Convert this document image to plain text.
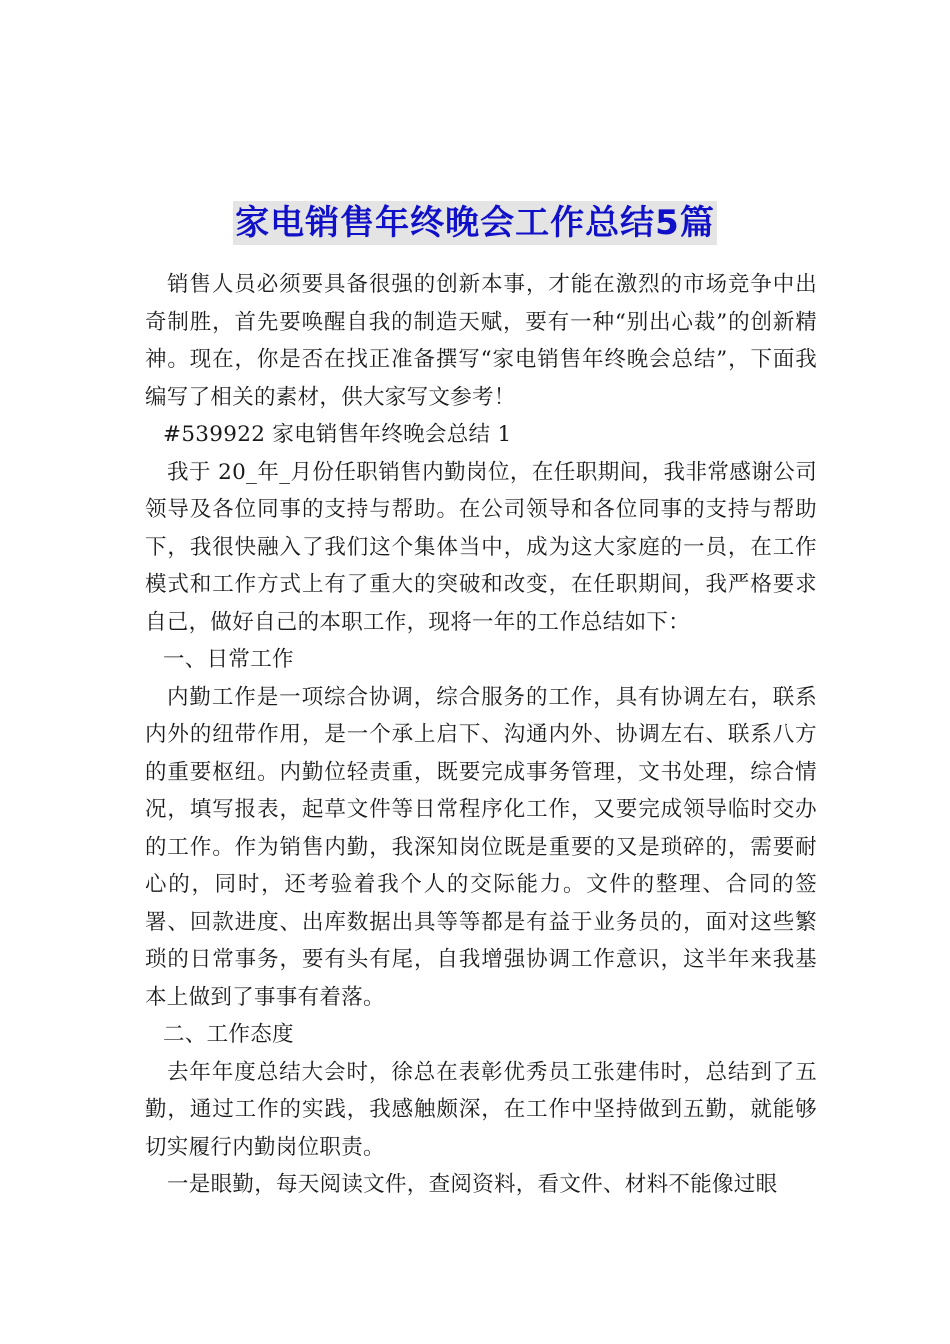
家电销售年终晚会工作总结5篇

销售人员必须要具备很强的创新本事，才能在激烈的市场竞争中出奇制胜，首先要唤醒自我的制造天赋，要有一种“别出心裁”的创新精神。现在，你是否在找正准备撰写“家电销售年终晚会总结”，下面我编写了相关的素材，供大家写文参考！

#539922 家电销售年终晚会总结 1

我于 20_年_月份任职销售内勤岗位，在任职期间，我非常感谢公司领导及各位同事的支持与帮助。在公司领导和各位同事的支持与帮助下，我很快融入了我们这个集体当中，成为这大家庭的一员，在工作模式和工作方式上有了重大的突破和改变，在任职期间，我严格要求自己，做好自己的本职工作，现将一年的工作总结如下：

一、日常工作

内勤工作是一项综合协调，综合服务的工作，具有协调左右，联系内外的纽带作用，是一个承上启下、沟通内外、协调左右、联系八方的重要枢纽。内勤位轻责重，既要完成事务管理，文书处理，综合情况，填写报表，起草文件等日常程序化工作，又要完成领导临时交办的工作。作为销售内勤，我深知岗位既是重要的又是琐碎的，需要耐心的，同时，还考验着我个人的交际能力。文件的整理、合同的签署、回款进度、出库数据出具等等都是有益于业务员的，面对这些繁琐的日常事务，要有头有尾，自我增强协调工作意识，这半年来我基本上做到了事事有着落。

二、工作态度

去年年度总结大会时，徐总在表彰优秀员工张建伟时，总结到了五勤，通过工作的实践，我感触颇深，在工作中坚持做到五勤，就能够切实履行内勤岗位职责。

一是眼勤，每天阅读文件，查阅资料，看文件、材料不能像过眼
